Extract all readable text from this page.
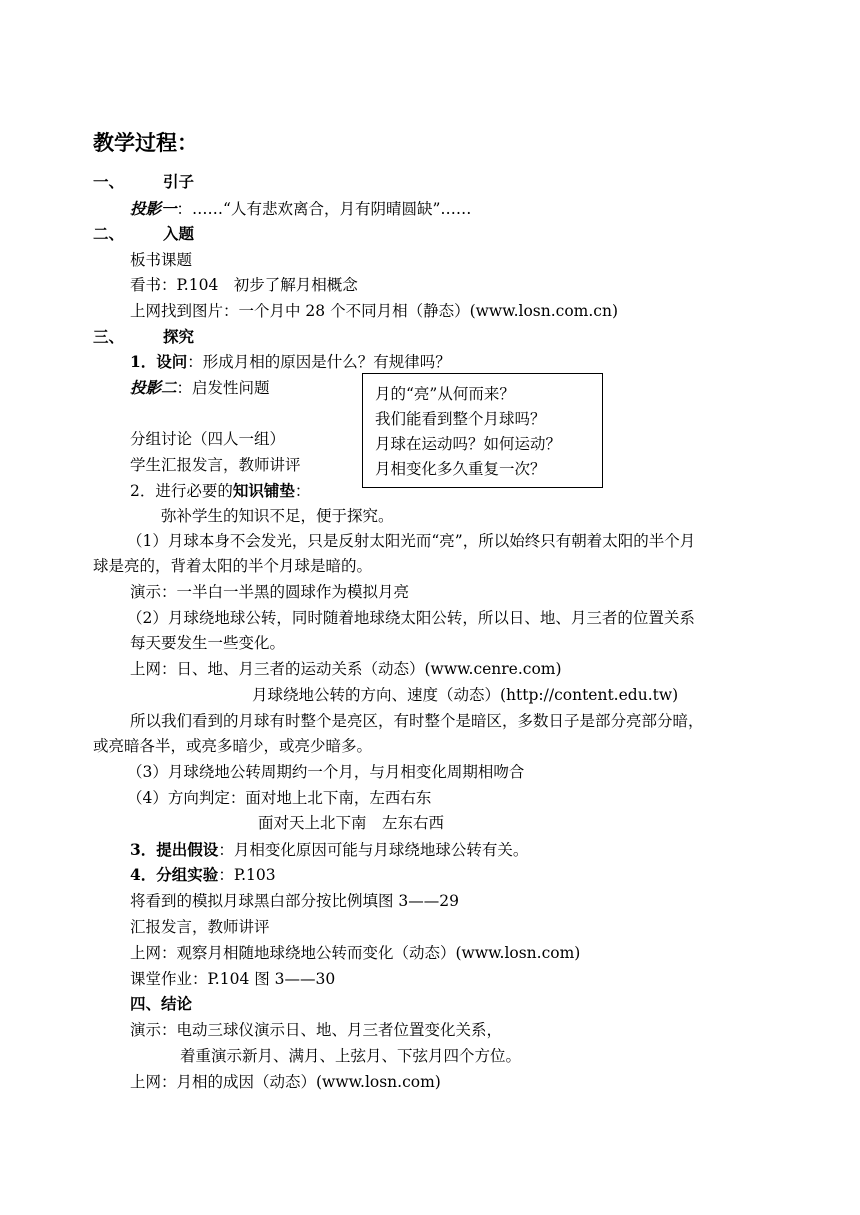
教学过程：
一、	引子
投影一：……“人有悲欢离合，月有阴晴圆缺”……
二、	入题
板书课题
看书：P.104　初步了解月相概念
上网找到图片：一个月中 28 个不同月相（静态）(www.losn.com.cn)
三、	探究
1．设问：形成月相的原因是什么？有规律吗？
投影二：启发性问题
分组讨论（四人一组）
学生汇报发言，教师讲评
月的“亮”从何而来？
我们能看到整个月球吗？
月球在运动吗？如何运动？
月相变化多久重复一次？
2．进行必要的知识铺垫：
弥补学生的知识不足，便于探究。
（1）月球本身不会发光，只是反射太阳光而“亮”，所以始终只有朝着太阳的半个月
球是亮的，背着太阳的半个月球是暗的。
演示：一半白一半黑的圆球作为模拟月亮
（2）月球绕地球公转，同时随着地球绕太阳公转，所以日、地、月三者的位置关系
每天要发生一些变化。
上网：日、地、月三者的运动关系（动态）(www.cenre.com)
月球绕地公转的方向、速度（动态）(http://content.edu.tw)
所以我们看到的月球有时整个是亮区，有时整个是暗区，多数日子是部分亮部分暗，
或亮暗各半，或亮多暗少，或亮少暗多。
（3）月球绕地公转周期约一个月，与月相变化周期相吻合
（4）方向判定：面对地上北下南，左西右东
面对天上北下南　左东右西
3．提出假设：月相变化原因可能与月球绕地球公转有关。
4．分组实验：P.103
将看到的模拟月球黑白部分按比例填图 3——29
汇报发言，教师讲评
上网：观察月相随地球绕地公转而变化（动态）(www.losn.com)
课堂作业：P.104 图 3——30
四、结论
演示：电动三球仪演示日、地、月三者位置变化关系，
着重演示新月、满月、上弦月、下弦月四个方位。
上网：月相的成因（动态）(www.losn.com)
